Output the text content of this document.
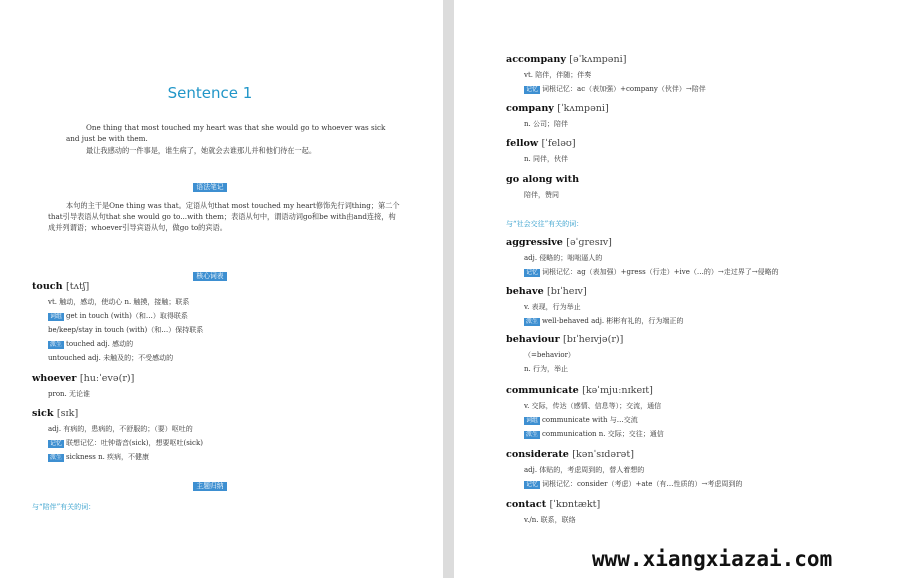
Sentence 1
One thing that most touched my heart was that she would go to whoever was sick and just be with them.
最让我感动的一件事是，谁生病了，她就会去谁那儿并和他们待在一起。
语法笔记
本句的主干是One thing was that。定语从句that most touched my heart修饰先行词thing；第二个that引导表语从句that she would go to...with them；表语从句中，谓语动词go和be with由and连接，构成并列谓语；whoever引导宾语从句，做go to的宾语。
核心词表
touch [tʌtʃ]
vt. 触动，感动，使动心 n. 触摸，接触；联系
词组 get in touch (with)（和…）取得联系
be/keep/stay in touch (with)（和…）保持联系
派生 touched adj. 感动的
untouched adj. 未触及的；不受感动的
whoever [huːˈevə(r)]
pron. 无论谁
sick [sɪk]
adj. 有病的，患病的，不舒服的；（要）呕吐的
记忆 联想记忆：吐钟谐音(sick)，想要呕吐(sick)
派生 sickness n. 疾病，不健康
主题归纳
与“陪伴”有关的词：
accompany [əˈkʌmpəni]
vt. 陪伴，伴随；伴奏
记忆 词根记忆：ac（表加强）+company（伙伴）→陪伴
company [ˈkʌmpəni]
n. 公司；陪伴
fellow [ˈfeləʊ]
n. 同伴，伙伴
go along with
陪伴，赞同
与“社会交往”有关的词：
aggressive [əˈɡresɪv]
adj. 侵略的；咄咄逼人的
记忆 词根记忆：ag（表加强）+gress（行走）+ive（…的）→走过界了→侵略的
behave [bɪˈheɪv]
v. 表现，行为举止
派生 well-behaved adj. 彬彬有礼的，行为端正的
behaviour [bɪˈheɪvjə(r)]
（=behavior）
n. 行为，举止
communicate [kəˈmjuːnɪkeɪt]
v. 交际，传达（感情、信息等）；交流，通信
词组 communicate with 与…交流
派生 communication n. 交际；交往；通信
considerate [kənˈsɪdərət]
adj. 体贴的，考虑周到的，替人着想的
记忆 词根记忆：consider（考虑）+ate（有…性质的）→考虑周到的
contact [ˈkɒntækt]
v./n. 联系，联络
www.xiangxiazai.com
